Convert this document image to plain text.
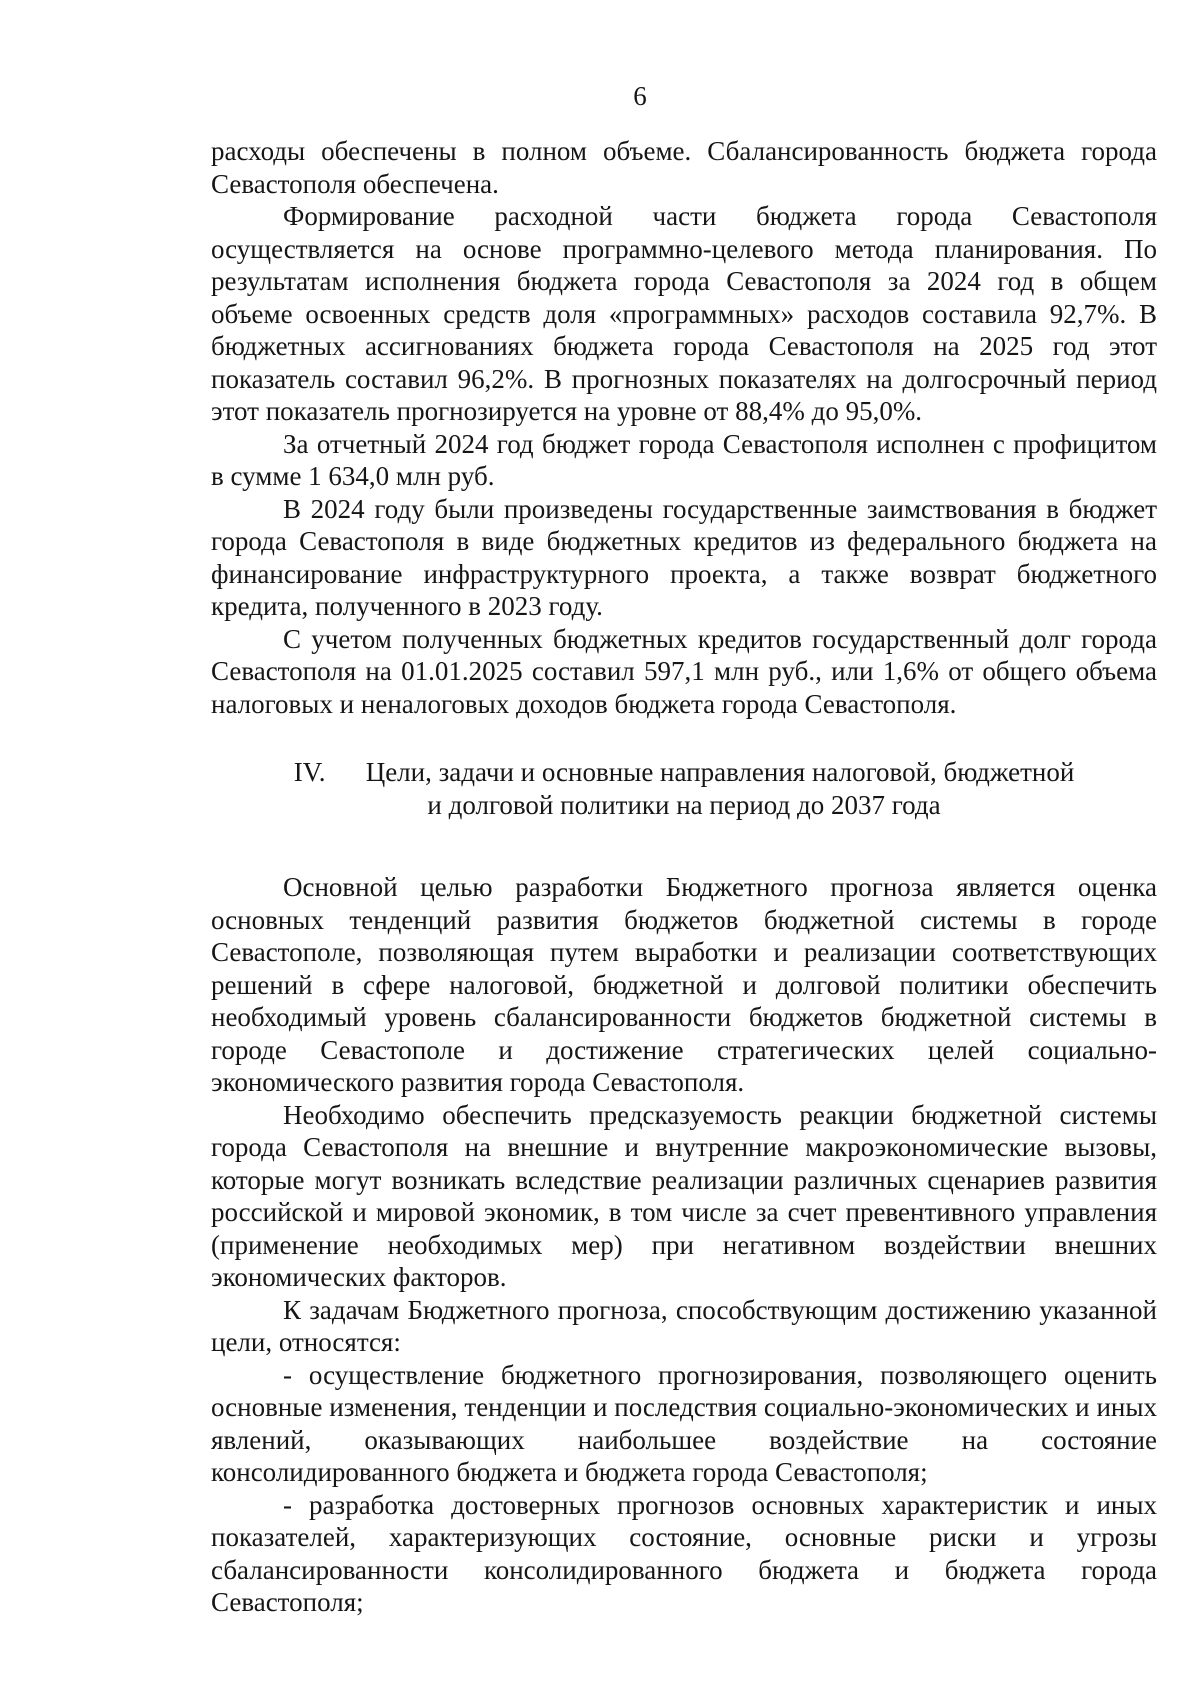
6

расходы обеспечены в полном объеме. Сбалансированность бюджета города Севастополя обеспечена.

Формирование расходной части бюджета города Севастополя осуществляется на основе программно-целевого метода планирования. По результатам исполнения бюджета города Севастополя за 2024 год в общем объеме освоенных средств доля «программных» расходов составила 92,7%. В бюджетных ассигнованиях бюджета города Севастополя на 2025 год этот показатель составил 96,2%. В прогнозных показателях на долгосрочный период этот показатель прогнозируется на уровне от 88,4% до 95,0%.

За отчетный 2024 год бюджет города Севастополя исполнен с профицитом в сумме 1 634,0 млн руб.

В 2024 году были произведены государственные заимствования в бюджет города Севастополя в виде бюджетных кредитов из федерального бюджета на финансирование инфраструктурного проекта, а также возврат бюджетного кредита, полученного в 2023 году.

С учетом полученных бюджетных кредитов государственный долг города Севастополя на 01.01.2025 составил 597,1 млн руб., или 1,6% от общего объема налоговых и неналоговых доходов бюджета города Севастополя.

IV. Цели, задачи и основные направления налоговой, бюджетной
и долговой политики на период до 2037 года

Основной целью разработки Бюджетного прогноза является оценка основных тенденций развития бюджетов бюджетной системы в городе Севастополе, позволяющая путем выработки и реализации соответствующих решений в сфере налоговой, бюджетной и долговой политики обеспечить необходимый уровень сбалансированности бюджетов бюджетной системы в городе Севастополе и достижение стратегических целей социально-экономического развития города Севастополя.

Необходимо обеспечить предсказуемость реакции бюджетной системы города Севастополя на внешние и внутренние макроэкономические вызовы, которые могут возникать вследствие реализации различных сценариев развития российской и мировой экономик, в том числе за счет превентивного управления (применение необходимых мер) при негативном воздействии внешних экономических факторов.

К задачам Бюджетного прогноза, способствующим достижению указанной цели, относятся:

- осуществление бюджетного прогнозирования, позволяющего оценить основные изменения, тенденции и последствия социально-экономических и иных явлений, оказывающих наибольшее воздействие на состояние консолидированного бюджета и бюджета города Севастополя;

- разработка достоверных прогнозов основных характеристик и иных показателей, характеризующих состояние, основные риски и угрозы сбалансированности консолидированного бюджета и бюджета города Севастополя;
